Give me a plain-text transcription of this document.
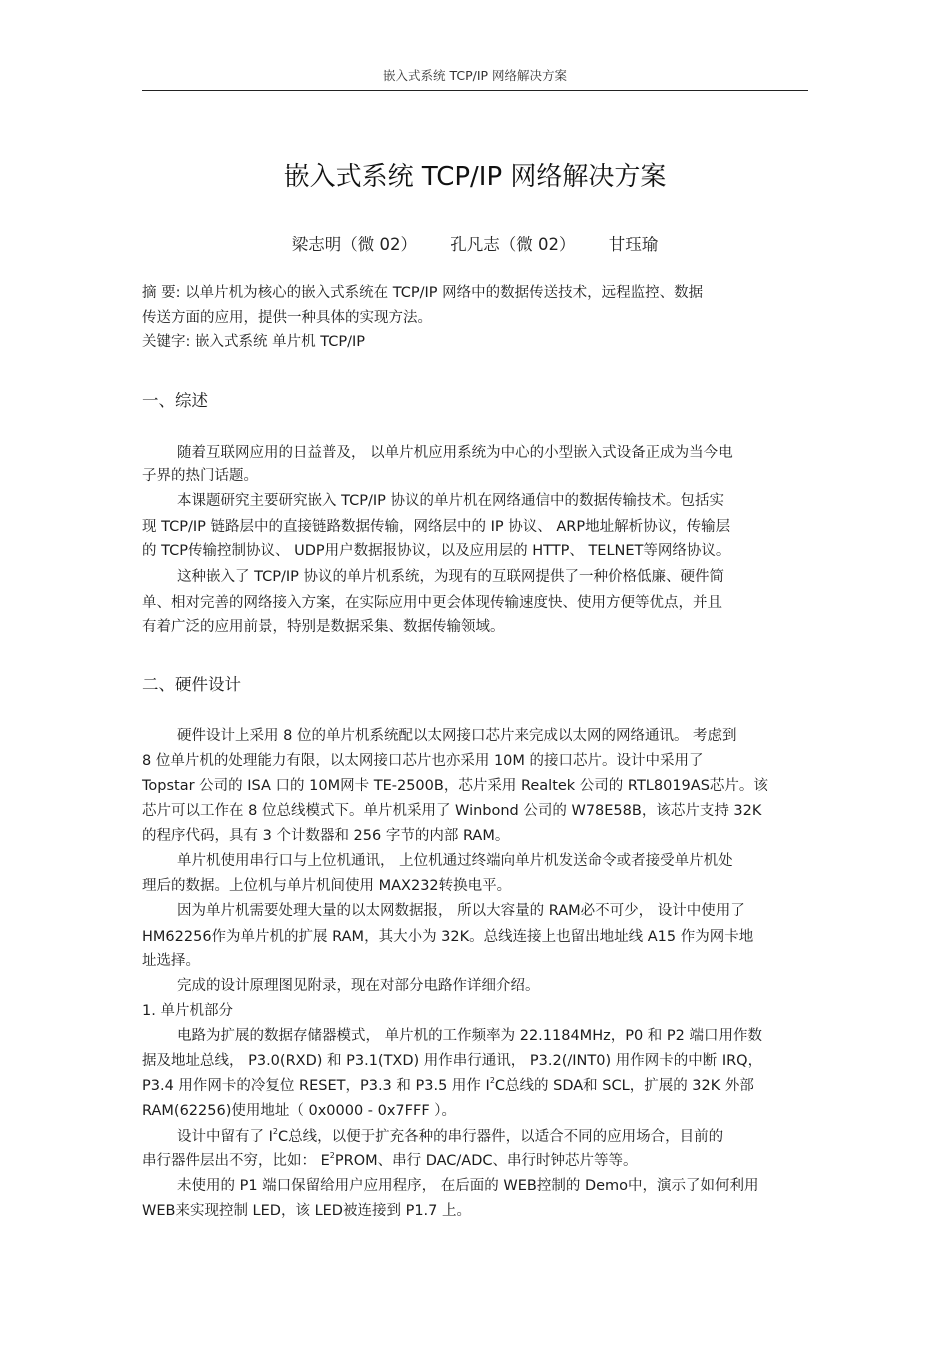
嵌入式系统 TCP/IP 网络解决方案
嵌入式系统 TCP/IP 网络解决方案
梁志明（微 02） 孔凡志（微 02） 甘珏瑜
摘 要: 以单片机为核心的嵌入式系统在 TCP/IP 网络中的数据传送技术，远程监控、数据
传送方面的应用，提供一种具体的实现方法。
关键字: 嵌入式系统 单片机 TCP/IP
一、综述
随着互联网应用的日益普及， 以单片机应用系统为中心的小型嵌入式设备正成为当今电
子界的热门话题。
本课题研究主要研究嵌入 TCP/IP 协议的单片机在网络通信中的数据传输技术。包括实
现 TCP/IP 链路层中的直接链路数据传输，网络层中的 IP 协议、 ARP地址解析协议，传输层
的 TCP传输控制协议、 UDP用户数据报协议，以及应用层的 HTTP、 TELNET等网络协议。
这种嵌入了 TCP/IP 协议的单片机系统，为现有的互联网提供了一种价格低廉、硬件简
单、相对完善的网络接入方案，在实际应用中更会体现传输速度快、使用方便等优点，并且
有着广泛的应用前景，特别是数据采集、数据传输领域。
二、硬件设计
硬件设计上采用 8 位的单片机系统配以太网接口芯片来完成以太网的网络通讯。 考虑到
8 位单片机的处理能力有限，以太网接口芯片也亦采用 10M 的接口芯片。设计中采用了
Topstar 公司的 ISA 口的 10M网卡 TE-2500B，芯片采用 Realtek 公司的 RTL8019AS芯片。该
芯片可以工作在 8 位总线模式下。单片机采用了 Winbond 公司的 W78E58B，该芯片支持 32K
的程序代码，具有 3 个计数器和 256 字节的内部 RAM。
单片机使用串行口与上位机通讯， 上位机通过终端向单片机发送命令或者接受单片机处
理后的数据。上位机与单片机间使用 MAX232转换电平。
因为单片机需要处理大量的以太网数据报， 所以大容量的 RAM必不可少， 设计中使用了
HM62256作为单片机的扩展 RAM，其大小为 32K。总线连接上也留出地址线 A15 作为网卡地
址选择。
完成的设计原理图见附录，现在对部分电路作详细介绍。
1. 单片机部分
电路为扩展的数据存储器模式， 单片机的工作频率为 22.1184MHz，P0 和 P2 端口用作数
据及地址总线， P3.0(RXD) 和 P3.1(TXD) 用作串行通讯， P3.2(/INT0) 用作网卡的中断 IRQ，
P3.4 用作网卡的冷复位 RESET，P3.3 和 P3.5 用作 $I^2C$总线的 SDA和 SCL，扩展的 32K 外部
RAM(62256)使用地址（ 0x0000 - 0x7FFF ）。
设计中留有了 $I^2C$总线，以便于扩充各种的串行器件，以适合不同的应用场合，目前的
串行器件层出不穷，比如： $E^2PROM$、串行 DAC/ADC、串行时钟芯片等等。
未使用的 P1 端口保留给用户应用程序， 在后面的 WEB控制的 Demo中，演示了如何利用
WEB来实现控制 LED，该 LED被连接到 P1.7 上。
